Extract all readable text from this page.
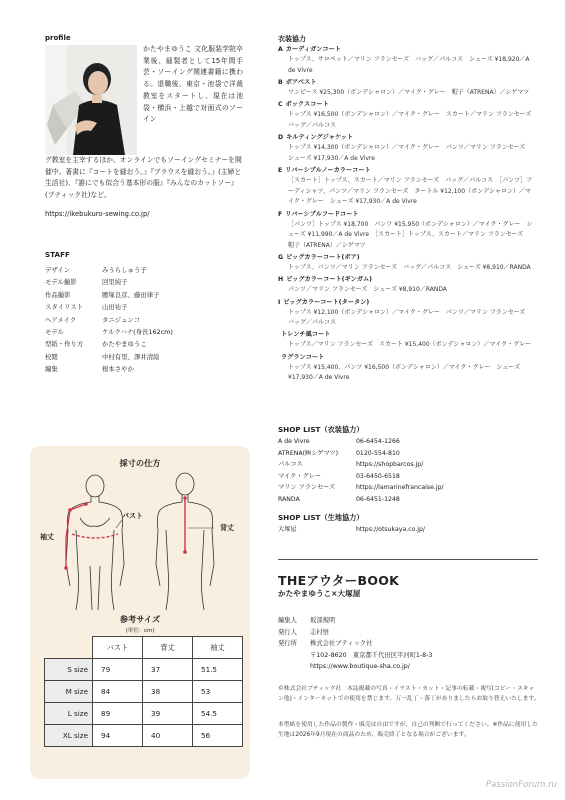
profile
かたやまゆうこ 文化服装学院卒業後、縫製者として15年間手芸・ソーイング関連書籍に携わる。退職後、東京・池袋で洋裁教室をスタートし、現在は池袋・横浜・上越で対面式のソーイン
グ教室を主宰するほか、オンラインでもソーイングセミナーを開催中。著書に『コートを縫おう。』『ブラウスを縫おう。』(主婦と生活社)、『誰にでも似合う基本形の服』『みんなのカットソー』(ブティック社)など。
https://ikebukuro-sewing.co.jp/
STAFF
デザイン	みうらしゅう子
モデル撮影	回里純子
作品撮影	腰塚良彦、藤田律子
スタイリスト	山田祐子
ヘアメイク	タニジュンコ
モデル	ケルクハナ(身長162cm)
型紙・作り方	かたやまゆうこ
校閲	中村有里、澤井清絵
編集	根本さやか
採寸の仕方
バスト
袖丈
背丈
参考サイズ
(単位：cm)
	バスト	背丈	袖丈
S size	79	37	51.5
M size	84	38	53
L size	89	39	54.5
XL size	94	40	56
衣装協力
A カーディガンコート
トップス、サロペット／マリン フランセーズ　バッグ／パルコス　シューズ ¥18,920／A de Vivre
B ボアベスト
ワンピース ¥25,300（ボンデシャロン）／マイク・グレー　帽子（ATRENA）／シゲマツ
C ボックスコート
トップス ¥16,500（ボンデシャロン）／マイク・グレー　スカート／マリン フランセーズ　バッグ／パルコス
D キルティングジャケット
トップス ¥14,300（ボンデシャロン）／マイク・グレー　パンツ／マリン フランセーズ　シューズ ¥17,930／A de Vivre
E リバーシブルノーカラーコート
［スカート］トップス、スカート／マリン フランセーズ　バッグ／パルコス　［パンツ］フーディシャツ、パンツ／マリン フランセーズ　タートル ¥12,100（ボンデシャロン）／マイク・グレー　シューズ ¥17,930／A de Vivre
F リバーシブルフードコート
［パンツ］トップス ¥18,700　パンツ ¥15,950（ボンデシャロン）／マイク・グレー　シューズ ¥11,990／A de Vivre　［スカート］トップス、スカート／マリン フランセーズ　帽子（ATRENA）／シゲマツ
G ビッグカラーコート(ボア)
トップス、パンツ／マリン フランセーズ　バッグ／パルコス　シューズ ¥8,910／RANDA
H ビッグカラーコート(ギンガム)
パンツ／マリン フランセーズ　シューズ ¥8,910／RANDA
I ビッグカラーコート(タータン)
トップス ¥12,100（ボンデシャロン）／マイク・グレー　パンツ／マリン フランセーズ　バッグ／パルコス
トレンチ風コート
トップス／マリン フランセーズ　スカート ¥15,400（ボンデシャロン）／マイク・グレー
ラグランコート
トップス ¥15,400、パンツ ¥16,500（ボンデシャロン）／マイク・グレー　シューズ ¥17,930／A de Vivre
SHOP LIST（衣装協力）
A de Vivre	06-6454-1266
ATRENA(㈱シゲマツ)	0120-554-810
パルコス	https://shopbarcos.jp/
マイク・グレー	03-6450-6518
マリン フランセーズ	https://lamarinefrancaise.jp/
RANDA	06-6451-1248
SHOP LIST（生地協力）
大塚屋	https://otsukaya.co.jp/
THEアウターBOOK
かたやまゆうこ×大塚屋
編集人	坂部規明
発行人	志村悟
発行所	株式会社ブティック社
〒102-8620　東京都千代田区平河町1-8-3
https://www.boutique-sha.co.jp/
©株式会社ブティック社　本誌掲載の写真・イラスト・カット・記事の転載・複写(コピー・スキャン他)・インターネットでの使用を禁じます。万一乱丁・落丁がありましたらお取り替えいたします。
本型紙を使用した作品の製作・販売は自由ですが、自己の判断で行ってください。※作品に使用した生地は2026年9月現在の商品のため、販売終了となる場合がございます。
PassionForum.ru
